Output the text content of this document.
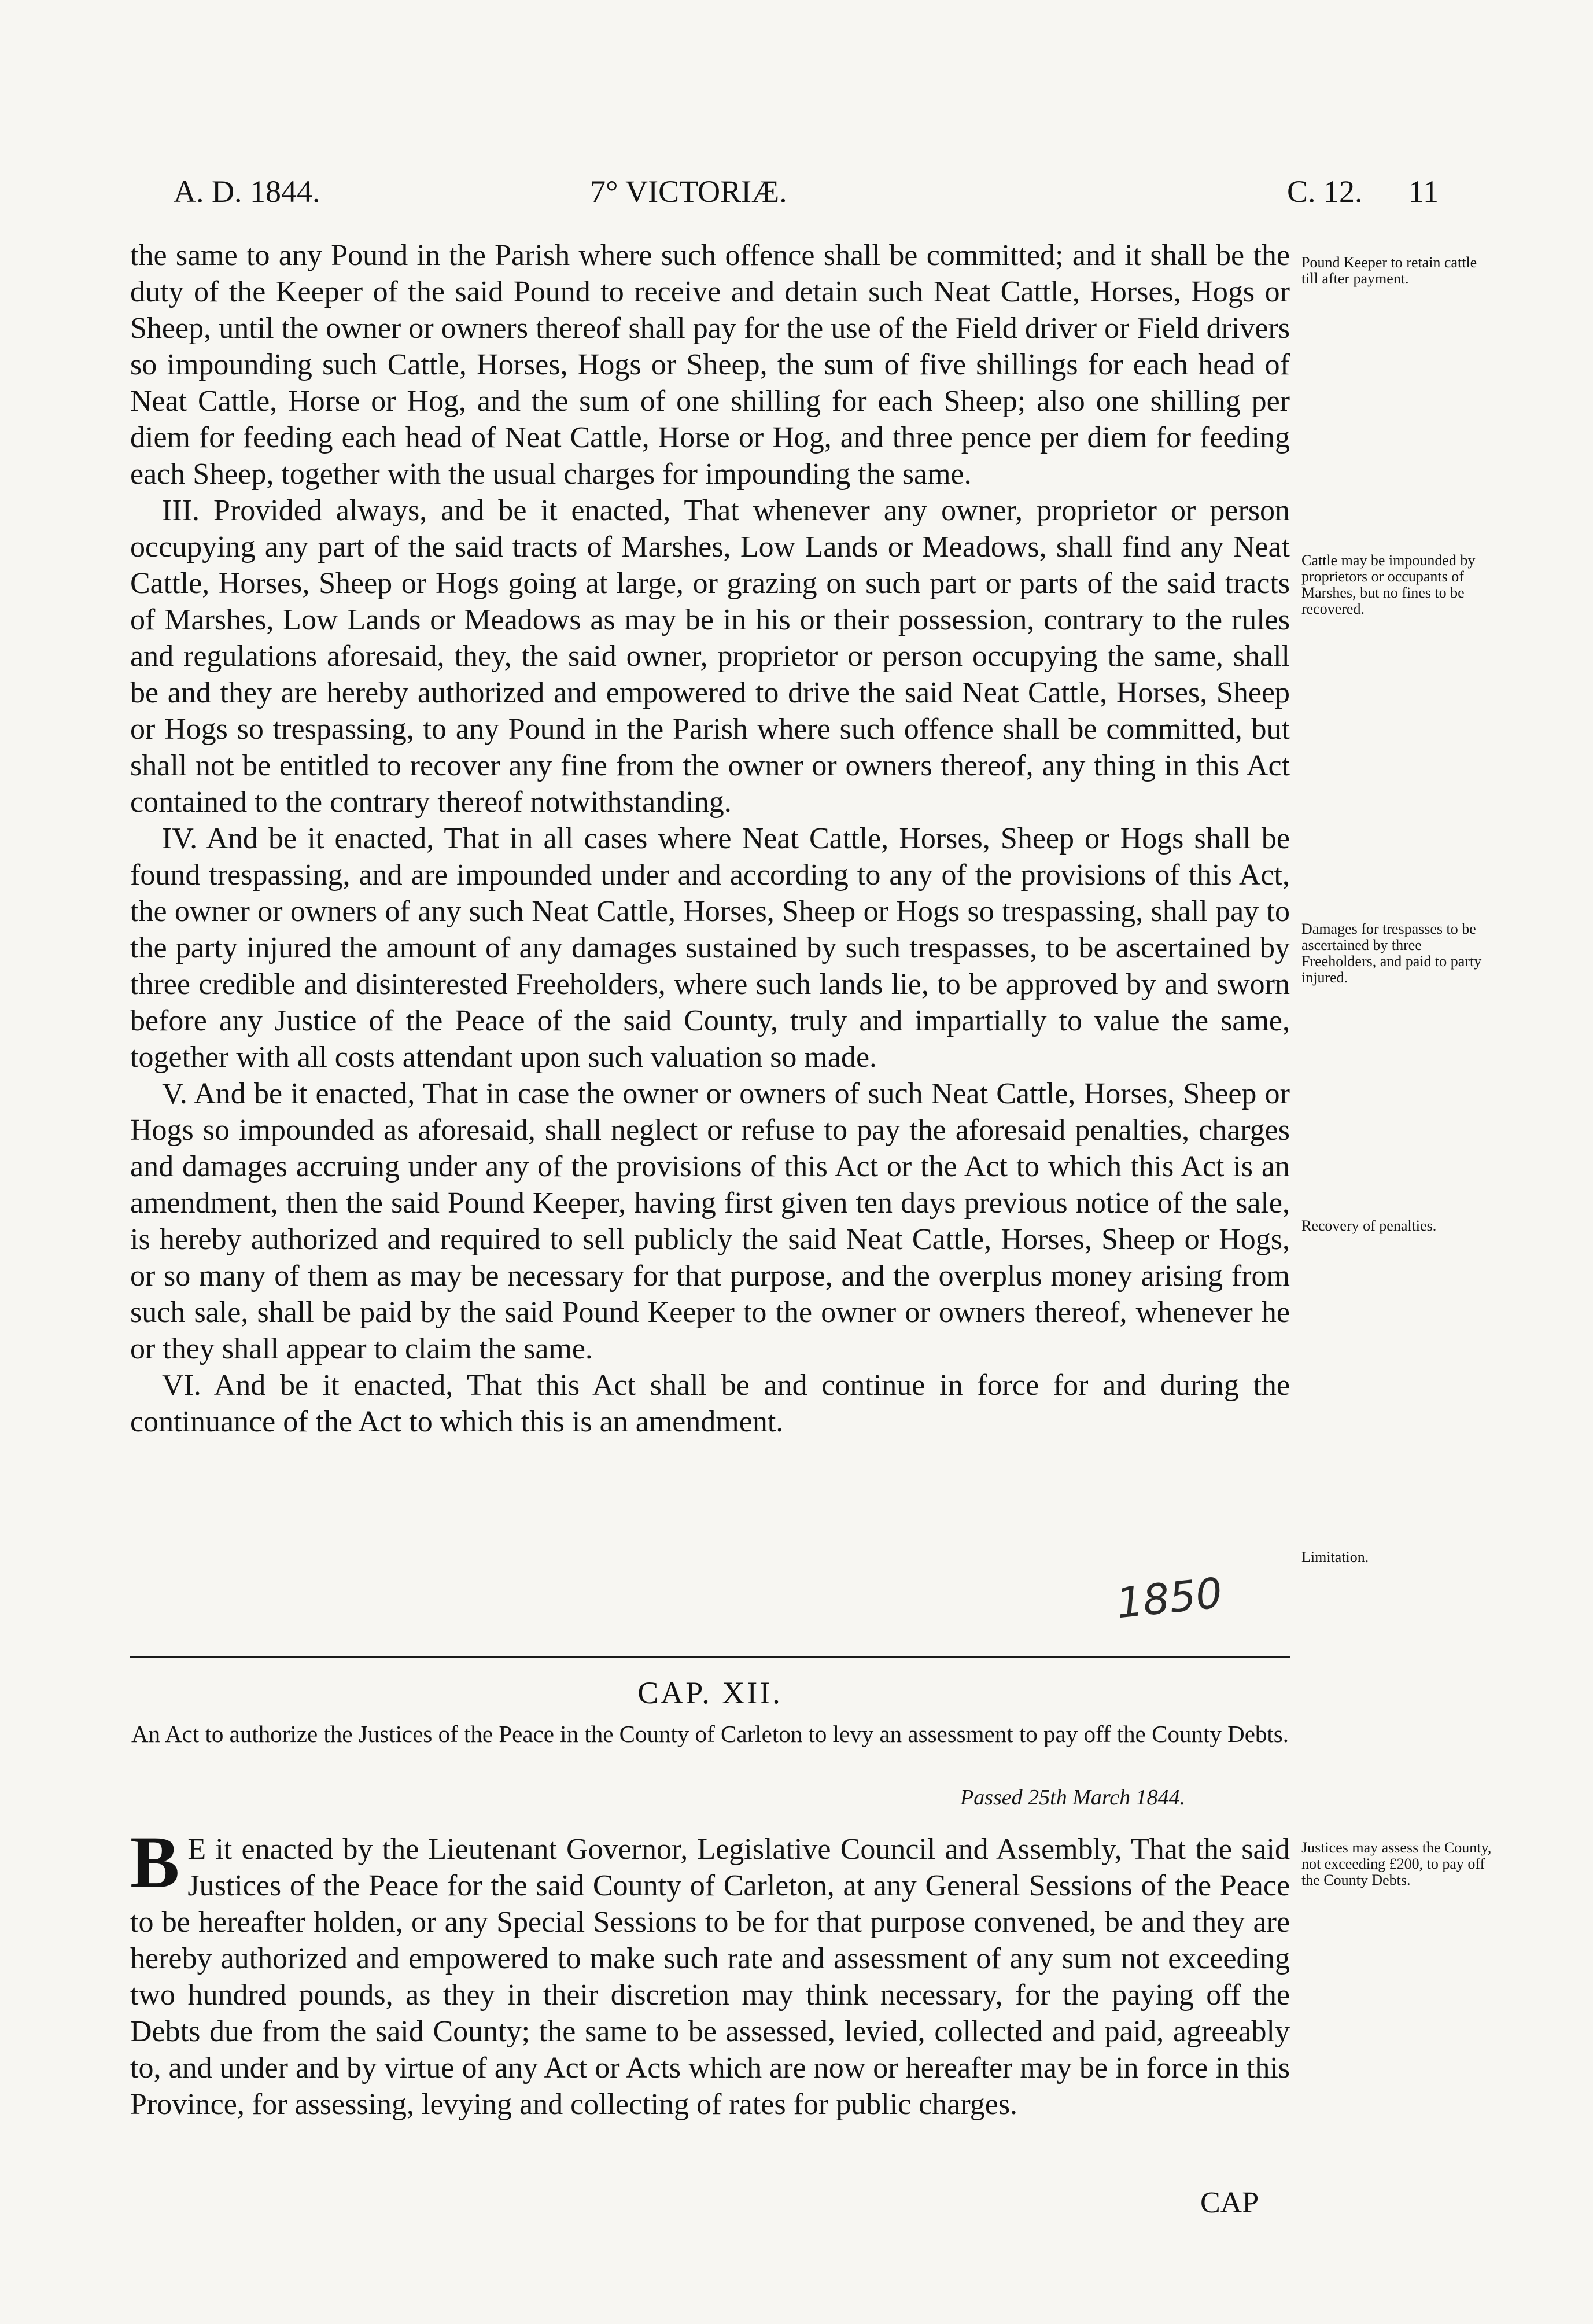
A. D. 1844.	7° VICTORIÆ.	C. 12. 11

the same to any Pound in the Parish where such offence shall be committed; and it shall be the duty of the Keeper of the said Pound to receive and detain such Neat Cattle, Horses, Hogs or Sheep, until the owner or owners thereof shall pay for the use of the Field driver or Field drivers so impounding such Cattle, Horses, Hogs or Sheep, the sum of five shillings for each head of Neat Cattle, Horse or Hog, and the sum of one shilling for each Sheep; also one shilling per diem for feeding each head of Neat Cattle, Horse or Hog, and three pence per diem for feeding each Sheep, together with the usual charges for impounding the same.

III. Provided always, and be it enacted, That whenever any owner, proprietor or person occupying any part of the said tracts of Marshes, Low Lands or Meadows, shall find any Neat Cattle, Horses, Sheep or Hogs going at large, or grazing on such part or parts of the said tracts of Marshes, Low Lands or Meadows as may be in his or their possession, contrary to the rules and regulations aforesaid, they, the said owner, proprietor or person occupying the same, shall be and they are hereby authorized and empowered to drive the said Neat Cattle, Horses, Sheep or Hogs so trespassing, to any Pound in the Parish where such offence shall be committed, but shall not be entitled to recover any fine from the owner or owners thereof, any thing in this Act contained to the contrary thereof notwithstanding.

IV. And be it enacted, That in all cases where Neat Cattle, Horses, Sheep or Hogs shall be found trespassing, and are impounded under and according to any of the provisions of this Act, the owner or owners of any such Neat Cattle, Horses, Sheep or Hogs so trespassing, shall pay to the party injured the amount of any damages sustained by such trespasses, to be ascertained by three credible and disinterested Freeholders, where such lands lie, to be approved by and sworn before any Justice of the Peace of the said County, truly and impartially to value the same, together with all costs attendant upon such valuation so made.

V. And be it enacted, That in case the owner or owners of such Neat Cattle, Horses, Sheep or Hogs so impounded as aforesaid, shall neglect or refuse to pay the aforesaid penalties, charges and damages accruing under any of the provisions of this Act or the Act to which this Act is an amendment, then the said Pound Keeper, having first given ten days previous notice of the sale, is hereby authorized and required to sell publicly the said Neat Cattle, Horses, Sheep or Hogs, or so many of them as may be necessary for that purpose, and the overplus money arising from such sale, shall be paid by the said Pound Keeper to the owner or owners thereof, whenever he or they shall appear to claim the same.

VI. And be it enacted, That this Act shall be and continue in force for and during the continuance of the Act to which this is an amendment.

Pound Keeper to retain cattle till after payment.
Cattle may be impounded by proprietors or occupants of Marshes, but no fines to be recovered.
Damages for trespasses to be ascertained by three Freeholders, and paid to party injured.
Recovery of penalties.
Limitation.
Justices may assess the County, not exceeding £200, to pay off the County Debts.
1850
CAP. XII.
An Act to authorize the Justices of the Peace in the County of Carleton to levy an assessment to pay off the County Debts.
Passed 25th March 1844.
B E it enacted by the Lieutenant Governor, Legislative Council and Assembly, That the said Justices of the Peace for the said County of Carleton, at any General Sessions of the Peace to be hereafter holden, or any Special Sessions to be for that purpose convened, be and they are hereby authorized and empowered to make such rate and assessment of any sum not exceeding two hundred pounds, as they in their discretion may think necessary, for the paying off the Debts due from the said County; the same to be assessed, levied, collected and paid, agreeably to, and under and by virtue of any Act or Acts which are now or hereafter may be in force in this Province, for assessing, levying and collecting of rates for public charges.
CAP
